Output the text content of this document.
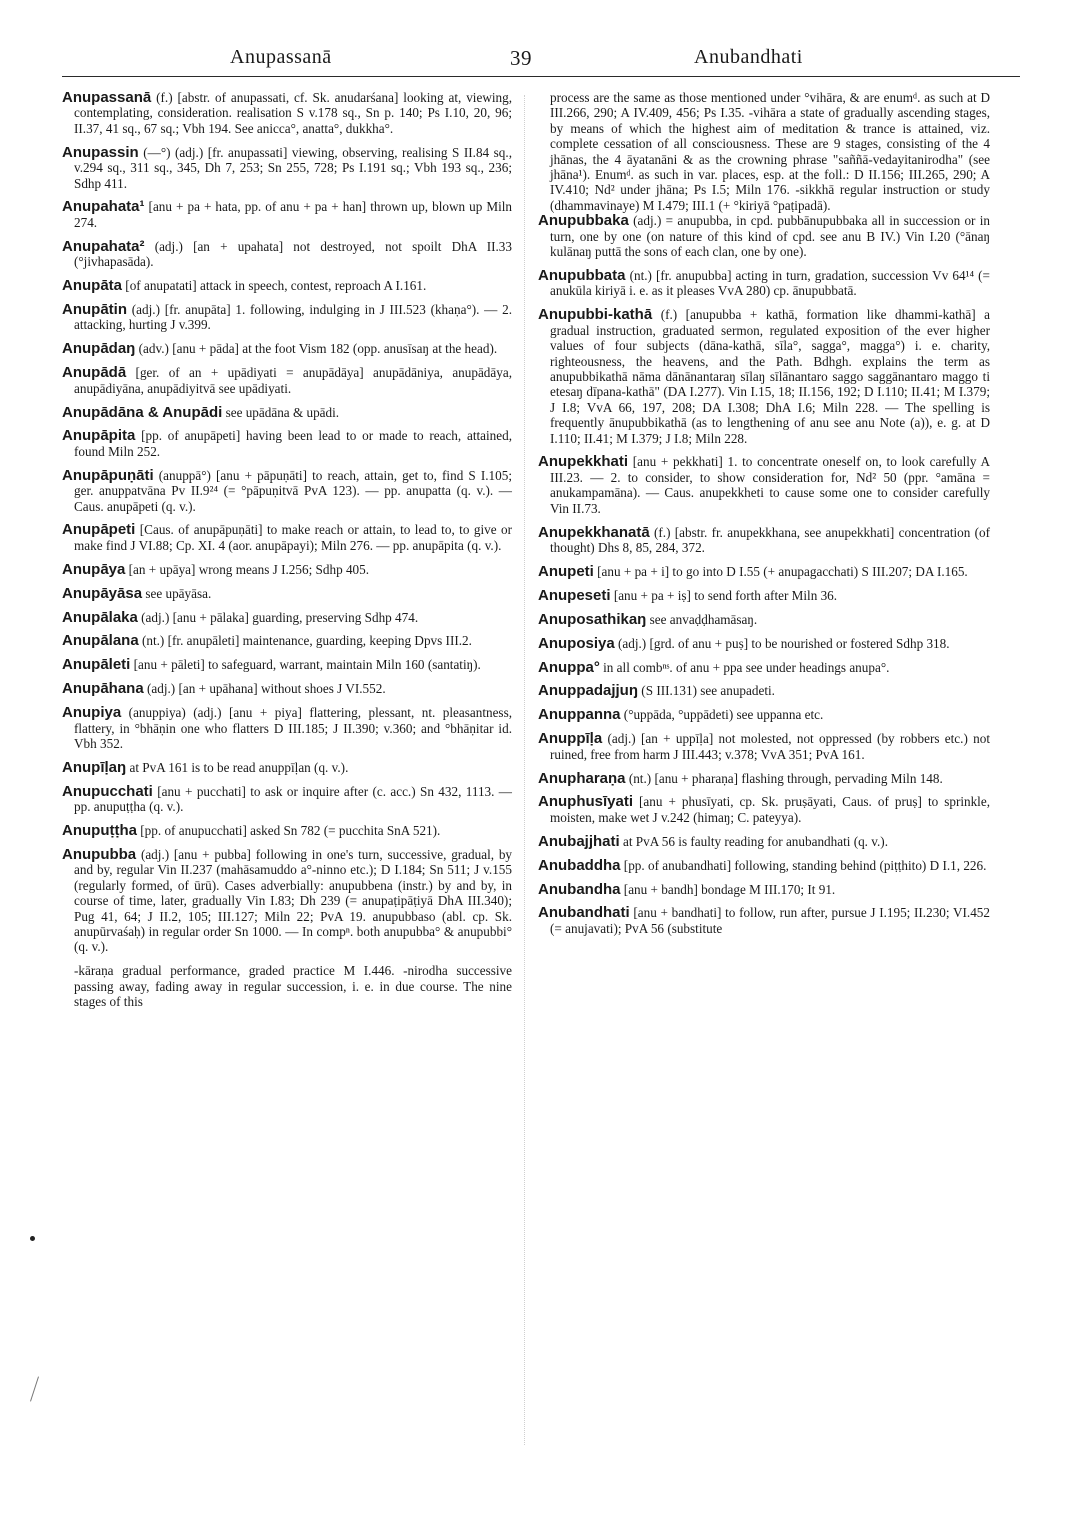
Anupassanā	39	Anubandhati

Anupassanā (f.) [abstr. of anupassati, cf. Sk. anudarśana] looking at, viewing, contemplating, consideration. realisation S v.178 sq., Sn p. 140; Ps I.10, 20, 96; II.37, 41 sq., 67 sq.; Vbh 194. See anicca°, anatta°, dukkha°.

Anupassin (—°) (adj.) [fr. anupassati] viewing, observing, realising S II.84 sq., v.294 sq., 311 sq., 345, Dh 7, 253; Sn 255, 728; Ps I.191 sq.; Vbh 193 sq., 236; Sdhp 411.

Anupahata¹ [anu + pa + hata, pp. of anu + pa + han] thrown up, blown up Miln 274.

Anupahata² (adj.) [an + upahata] not destroyed, not spoilt DhA II.33 (°jivhapasāda).

Anupāta [of anupatati] attack in speech, contest, reproach A I.161.

Anupātin (adj.) [fr. anupāta] 1. following, indulging in J III.523 (khaṇa°). — 2. attacking, hurting J v.399.

Anupādaŋ (adv.) [anu + pāda] at the foot Vism 182 (opp. anusīsaŋ at the head).

Anupādā [ger. of an + upādiyati = anupādāya] anupādāniya, anupādāya, anupādiyāna, anupādiyitvā see upādiyati.

Anupādāna & Anupādi see upādāna & upādi.

Anupāpita [pp. of anupāpeti] having been lead to or made to reach, attained, found Miln 252.

Anupāpuṇāti (anuppā°) [anu + pāpuṇāti] to reach, attain, get to, find S I.105; ger. anuppatvāna Pv II.9²⁴ (= °pāpuṇitvā PvA 123). — pp. anupatta (q. v.). — Caus. anupāpeti (q. v.).

Anupāpeti [Caus. of anupāpuṇāti] to make reach or attain, to lead to, to give or make find J VI.88; Cp. XI. 4 (aor. anupāpayi); Miln 276. — pp. anupāpita (q. v.).

Anupāya [an + upāya] wrong means J I.256; Sdhp 405.

Anupāyāsa see upāyāsa.

Anupālaka (adj.) [anu + pālaka] guarding, preserving Sdhp 474.

Anupālana (nt.) [fr. anupāleti] maintenance, guarding, keeping Dpvs III.2.

Anupāleti [anu + pāleti] to safeguard, warrant, maintain Miln 160 (santatiŋ).

Anupāhana (adj.) [an + upāhana] without shoes J VI.552.

Anupiya (anuppiya) (adj.) [anu + piya] flattering, plessant, nt. pleasantness, flattery, in °bhāṇin one who flatters D III.185; J II.390; v.360; and °bhāṇitar id. Vbh 352.

Anupīḷaŋ at PvA 161 is to be read anuppīḷan (q. v.).

Anupucchati [anu + pucchati] to ask or inquire after (c. acc.) Sn 432, 1113. — pp. anupuṭṭha (q. v.).

Anupuṭṭha [pp. of anupucchati] asked Sn 782 (= pucchita SnA 521).

Anupubba (adj.) [anu + pubba] following in one's turn, successive, gradual, by and by, regular Vin II.237 (mahāsamuddo a°-ninno etc.); D I.184; Sn 511; J v.155 (regularly formed, of ūrū). Cases adverbially: anupubbena (instr.) by and by, in course of time, later, gradually Vin I.83; Dh 239 (= anupaṭipāṭiyā DhA III.340); Pug 41, 64; J II.2, 105; III.127; Miln 22; PvA 19. anupubbaso (abl. cp. Sk. anupūrvaśaḥ) in regular order Sn 1000. — In compⁿ. both anupubba° & anupubbi° (q. v.).

-kāraṇa gradual performance, graded practice M I.446. -nirodha successive passing away, fading away in regular succession, i. e. in due course. The nine stages of this

process are the same as those mentioned under °vihāra, & are enumᵈ. as such at D III.266, 290; A IV.409, 456; Ps I.35. -vihāra a state of gradually ascending stages, by means of which the highest aim of meditation & trance is attained, viz. complete cessation of all consciousness. These are 9 stages, consisting of the 4 jhānas, the 4 āyatanāni & as the crowning phrase "saññā-vedayitanirodha" (see jhāna¹). Enumᵈ. as such in var. places, esp. at the foll.: D II.156; III.265, 290; A IV.410; Nd² under jhāna; Ps I.5; Miln 176. -sikkhā regular instruction or study (dhammavinaye) M I.479; III.1 (+ °kiriyā °paṭipadā).

Anupubbaka (adj.) = anupubba, in cpd. pubbānupubbaka all in succession or in turn, one by one (on nature of this kind of cpd. see anu B IV.) Vin I.20 (°ānaŋ kulānaŋ puttā the sons of each clan, one by one).

Anupubbata (nt.) [fr. anupubba] acting in turn, gradation, succession Vv 64¹⁴ (= anukūla kiriyā i. e. as it pleases VvA 280) cp. ānupubbatā.

Anupubbi-kathā (f.) [anupubba + kathā, formation like dhammi-kathā] a gradual instruction, graduated sermon, regulated exposition of the ever higher values of four subjects (dāna-kathā, sīla°, sagga°, magga°) i. e. charity, righteousness, the heavens, and the Path. Bdhgh. explains the term as anupubbikathā nāma dānānantaraŋ sīlaŋ sīlānantaro saggo saggānantaro maggo ti etesaŋ dīpana-kathā" (DA I.277). Vin I.15, 18; II.156, 192; D I.110; II.41; M I.379; J I.8; VvA 66, 197, 208; DA I.308; DhA I.6; Miln 228. — The spelling is frequently ānupubbikathā (as to lengthening of anu see anu Note (a)), e. g. at D I.110; II.41; M I.379; J I.8; Miln 228.

Anupekkhati [anu + pekkhati] 1. to concentrate oneself on, to look carefully A III.23. — 2. to consider, to show consideration for, Nd² 50 (ppr. °amāna = anukampamāna). — Caus. anupekkheti to cause some one to consider carefully Vin II.73.

Anupekkhanatā (f.) [abstr. fr. anupekkhana, see anupekkhati] concentration (of thought) Dhs 8, 85, 284, 372.

Anupeti [anu + pa + i] to go into D I.55 (+ anupagacchati) S III.207; DA I.165.

Anupeseti [anu + pa + iṣ] to send forth after Miln 36.

Anuposathikaŋ see anvaḍḍhamāsaŋ.

Anuposiya (adj.) [grd. of anu + puṣ] to be nourished or fostered Sdhp 318.

Anuppa° in all combⁿˢ. of anu + ppa see under headings anupa°.

Anuppadajjuŋ (S III.131) see anupadeti.

Anuppanna (°uppāda, °uppādeti) see uppanna etc.

Anuppīḷa (adj.) [an + uppīḷa] not molested, not oppressed (by robbers etc.) not ruined, free from harm J III.443; v.378; VvA 351; PvA 161.

Anupharaṇa (nt.) [anu + pharaṇa] flashing through, pervading Miln 148.

Anuphusīyati [anu + phusīyati, cp. Sk. pruṣāyati, Caus. of pruṣ] to sprinkle, moisten, make wet J v.242 (himaŋ; C. pateyya).

Anubajjhati at PvA 56 is faulty reading for anubandhati (q. v.).

Anubaddha [pp. of anubandhati] following, standing behind (piṭṭhito) D I.1, 226.

Anubandha [anu + bandh] bondage M III.170; It 91.

Anubandhati [anu + bandhati] to follow, run after, pursue J I.195; II.230; VI.452 (= anujavati); PvA 56 (substitute
